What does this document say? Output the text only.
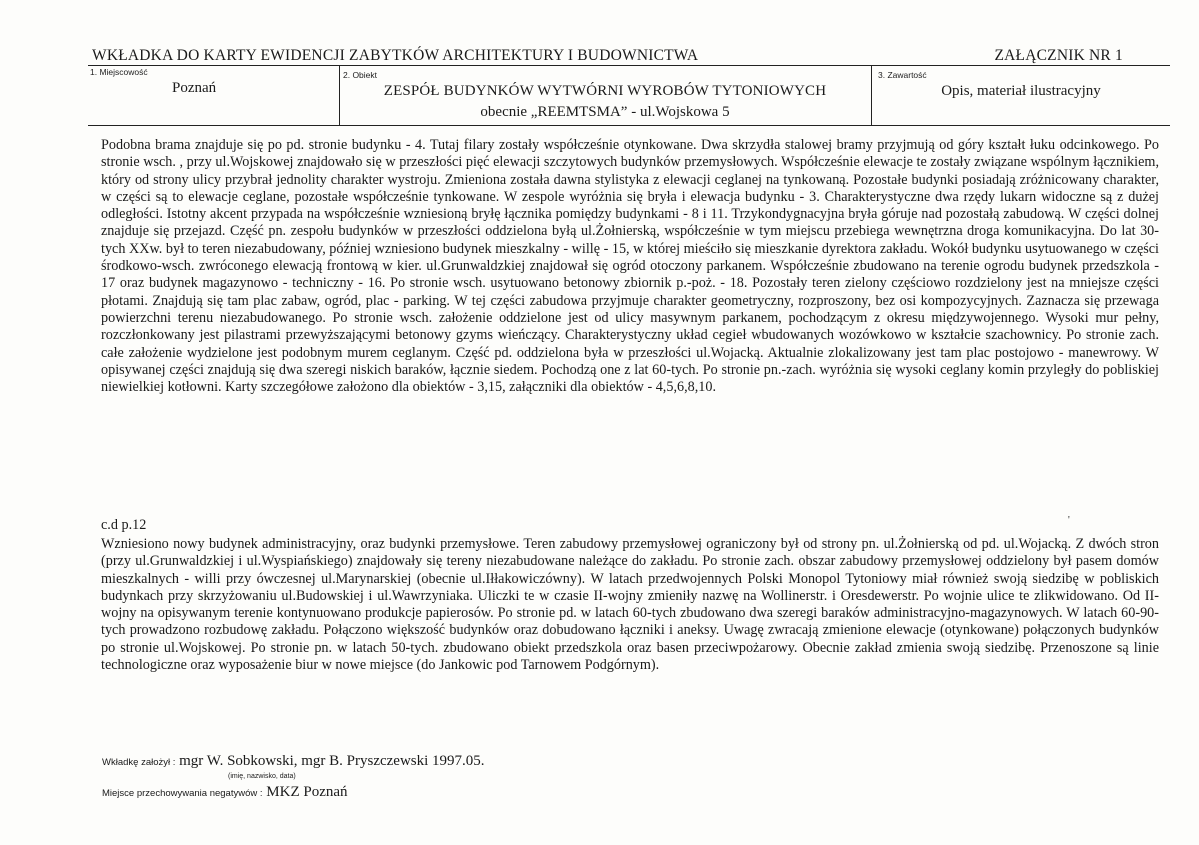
WKŁADKA DO KARTY EWIDENCJI ZABYTKÓW ARCHITEKTURY I BUDOWNICTWA	ZAŁĄCZNIK NR 1
1. Miejscowość
Poznań
2. Obiekt
ZESPÓŁ BUDYNKÓW WYTWÓRNI WYROBÓW TYTONIOWYCH
obecnie „REEMTSMA” - ul.Wojskowa 5
3. Zawartość
Opis, materiał ilustracyjny
Podobna brama znajduje się po pd. stronie budynku - 4. Tutaj filary zostały współcześnie otynkowane. Dwa skrzydła stalowej bramy przyjmują od góry kształt łuku odcinkowego. Po stronie wsch. , przy ul.Wojskowej znajdowało się w przeszłości pięć elewacji szczytowych budynków przemysłowych. Współcześnie elewacje te zostały związane wspólnym łącznikiem, który od strony ulicy przybrał jednolity charakter wystroju. Zmieniona została dawna stylistyka z elewacji ceglanej na tynkowaną. Pozostałe budynki posiadają zróżnicowany charakter, w części są to elewacje ceglane, pozostałe współcześnie tynkowane. W zespole wyróżnia się bryła i elewacja budynku - 3. Charakterystyczne dwa rzędy lukarn widoczne są z dużej odległości. Istotny akcent przypada na współcześnie wzniesioną bryłę łącznika pomiędzy budynkami - 8 i 11. Trzykondygnacyjna bryła góruje nad pozostałą zabudową. W części dolnej znajduje się przejazd. Część pn. zespołu budynków w przeszłości oddzielona byłą ul.Żołnierską, współcześnie w tym miejscu przebiega wewnętrzna droga komunikacyjna. Do lat 30-tych XXw. był to teren niezabudowany, później wzniesiono budynek mieszkalny - willę - 15, w której mieściło się mieszkanie dyrektora zakładu. Wokół budynku usytuowanego w części środkowo-wsch. zwróconego elewacją frontową w kier. ul.Grunwaldzkiej znajdował się ogród otoczony parkanem. Współcześnie zbudowano na terenie ogrodu budynek przedszkola - 17 oraz budynek magazynowo - techniczny - 16. Po stronie wsch. usytuowano betonowy zbiornik p.-poż. - 18. Pozostały teren zielony częściowo rozdzielony jest na mniejsze części płotami. Znajdują się tam plac zabaw, ogród, plac - parking. W tej części zabudowa przyjmuje charakter geometryczny, rozproszony, bez osi kompozycyjnych. Zaznacza się przewaga powierzchni terenu niezabudowanego. Po stronie wsch. założenie oddzielone jest od ulicy masywnym parkanem, pochodzącym z okresu międzywojennego. Wysoki mur pełny, rozczłonkowany jest pilastrami przewyższającymi betonowy gzyms wieńczący. Charakterystyczny układ cegieł wbudowanych wozówkowo w kształcie szachownicy. Po stronie zach. całe założenie wydzielone jest podobnym murem ceglanym. Część pd. oddzielona była w przeszłości ul.Wojacką. Aktualnie zlokalizowany jest tam plac postojowo - manewrowy. W opisywanej części znajdują się dwa szeregi niskich baraków, łącznie siedem. Pochodzą one z lat 60-tych. Po stronie pn.-zach. wyróżnia się wysoki ceglany komin przyległy do pobliskiej niewielkiej kotłowni. Karty szczegółowe założono dla obiektów - 3,15, załączniki dla obiektów - 4,5,6,8,10.
'
c.d p.12
Wzniesiono nowy budynek administracyjny, oraz budynki przemysłowe. Teren zabudowy przemysłowej ograniczony był od strony pn. ul.Żołnierską od pd. ul.Wojacką. Z dwóch stron (przy ul.Grunwaldzkiej i ul.Wyspiańskiego) znajdowały się tereny niezabudowane należące do zakładu. Po stronie zach. obszar zabudowy przemysłowej oddzielony był pasem domów mieszkalnych - willi przy ówczesnej ul.Marynarskiej (obecnie ul.Iłłakowiczówny). W latach przedwojennych Polski Monopol Tytoniowy miał również swoją siedzibę w pobliskich budynkach przy skrzyżowaniu ul.Budowskiej i ul.Wawrzyniaka. Uliczki te w czasie II-wojny zmieniły nazwę na Wollinerstr. i Oresdewerstr. Po wojnie ulice te zlikwidowano. Od II-wojny na opisywanym terenie kontynuowano produkcje papierosów. Po stronie pd. w latach 60-tych zbudowano dwa szeregi baraków administracyjno-magazynowych. W latach 60-90-tych prowadzono rozbudowę zakładu. Połączono większość budynków oraz dobudowano łączniki i aneksy. Uwagę zwracają zmienione elewacje (otynkowane) połączonych budynków po stronie ul.Wojskowej. Po stronie pn. w latach 50-tych. zbudowano obiekt przedszkola oraz basen przeciwpożarowy. Obecnie zakład zmienia swoją siedzibę. Przenoszone są linie technologiczne oraz wyposażenie biur w nowe miejsce (do Jankowic pod Tarnowem Podgórnym).
Wkładkę założył : mgr W. Sobkowski, mgr B. Pryszczewski 1997.05.
(imię, nazwisko, data)
Miejsce przechowywania negatywów : MKZ Poznań
